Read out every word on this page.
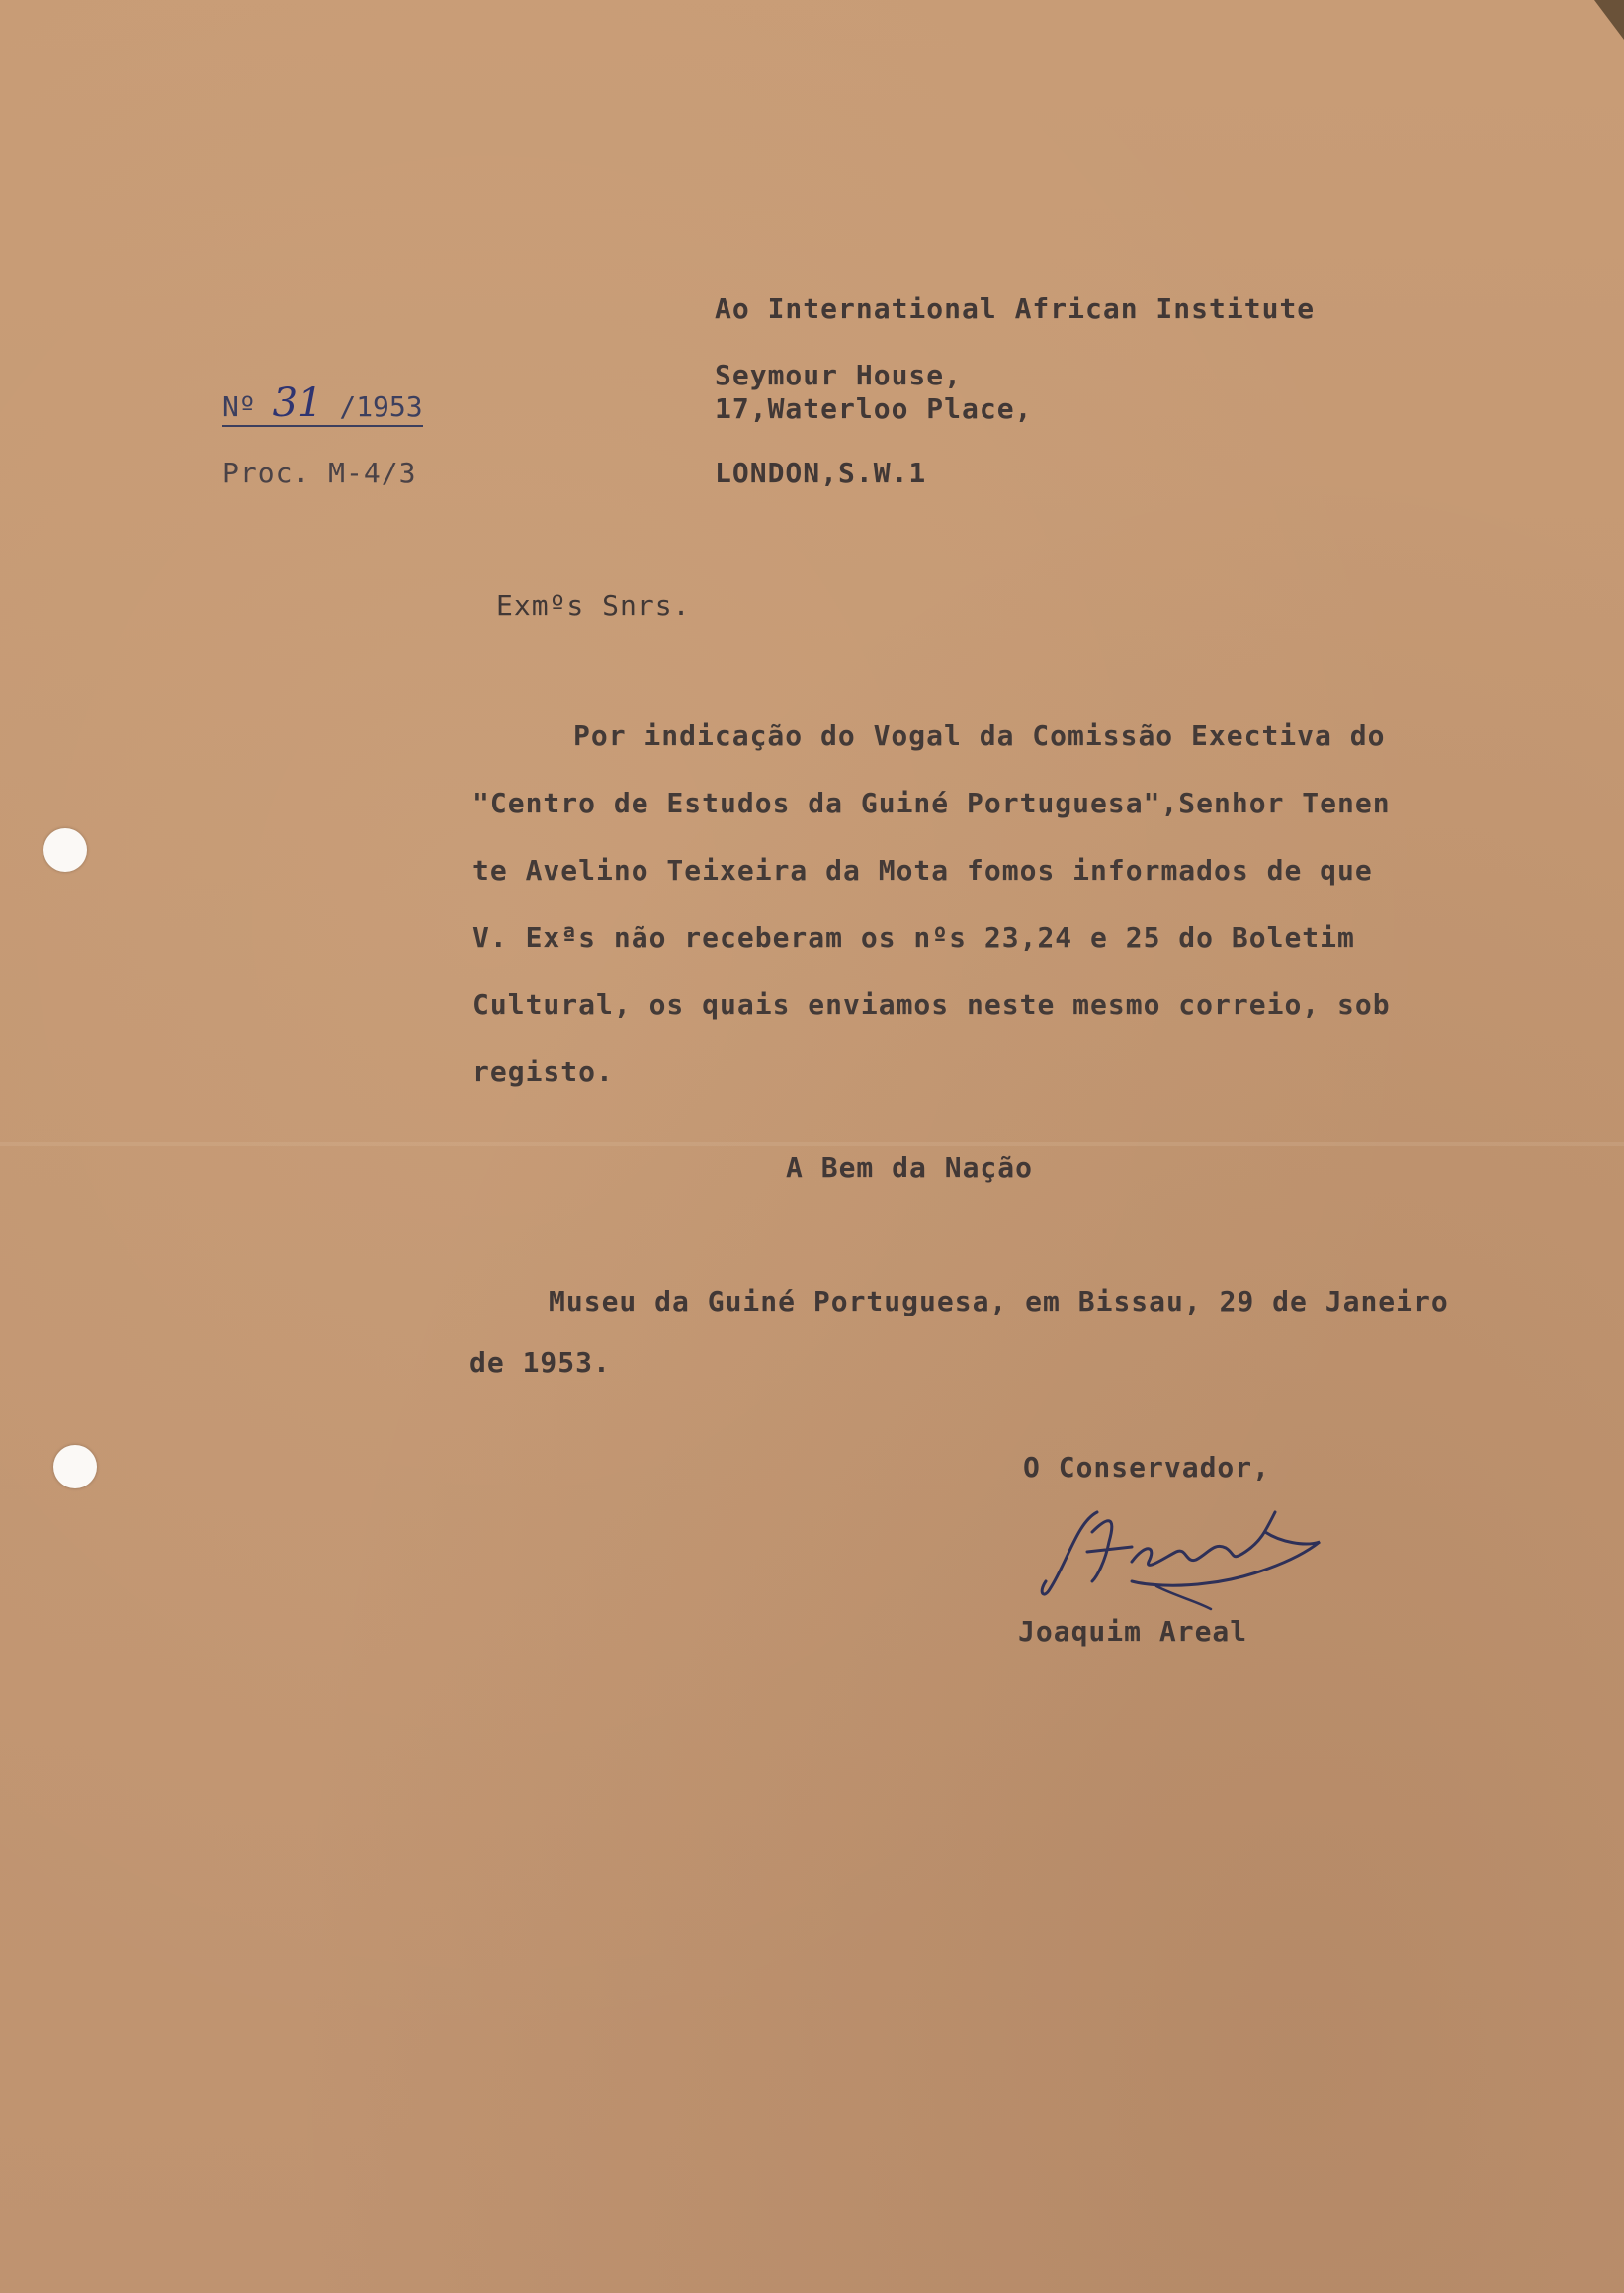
Ao International African Institute

Nº 31 /1953

Seymour House,

17,Waterloo Place,

Proc. M-4/3	LONDON,S.W.1

Exmºs Snrs.

Por indicação do Vogal da Comissão Exectiva do
"Centro de Estudos da Guiné Portuguesa",Senhor Tenen
te Avelino Teixeira da Mota fomos informados de que
V. Exªs não receberam os nºs 23,24 e 25 do Boletim
Cultural, os quais enviamos neste mesmo correio, sob
registo.

A Bem da Nação

Museu da Guiné Portuguesa, em Bissau, 29 de Janeiro

de 1953.

O Conservador,

Joaquim Areal
